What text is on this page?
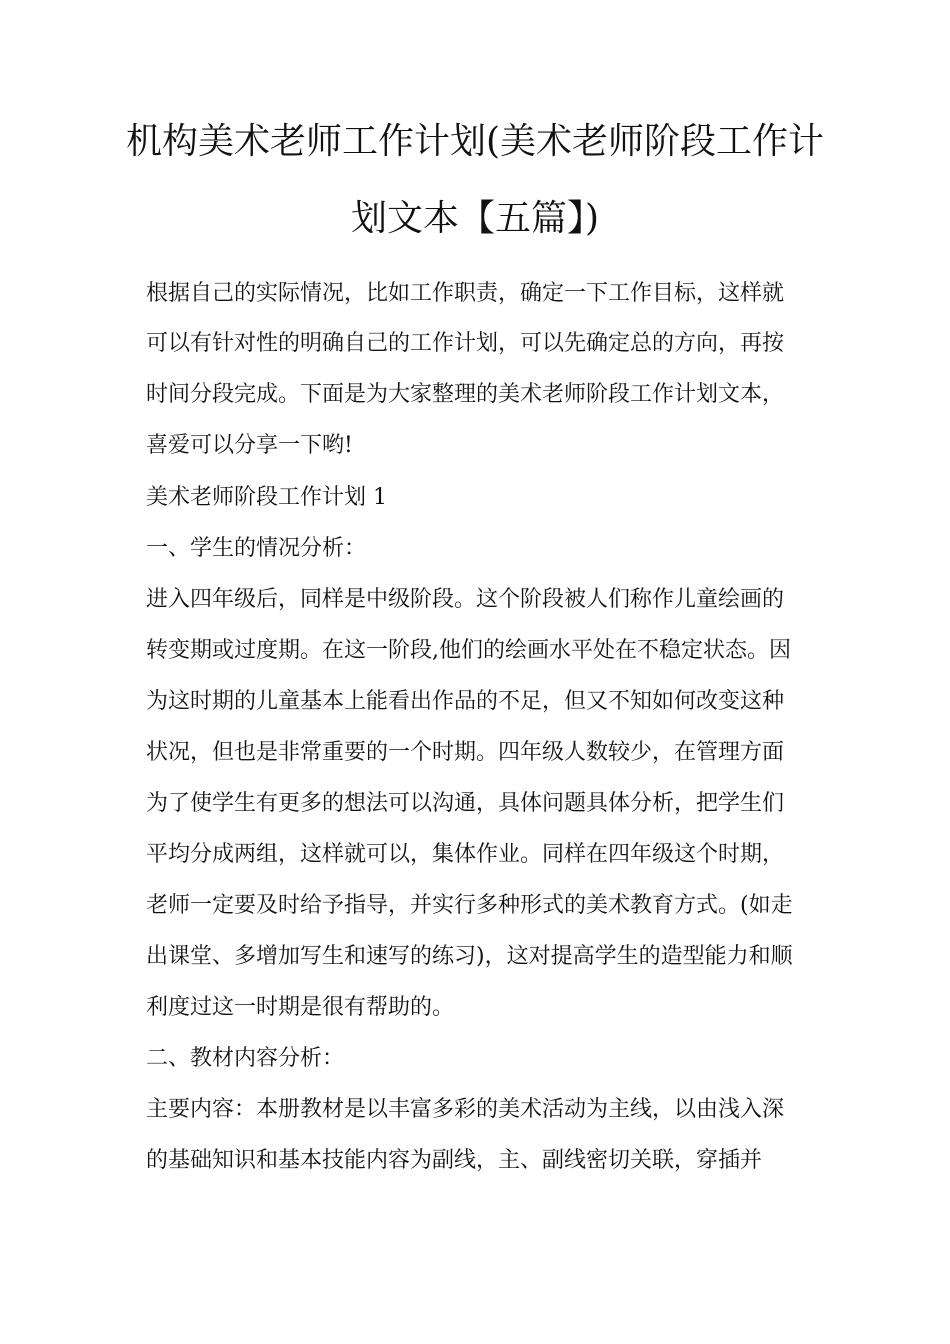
机构美术老师工作计划(美术老师阶段工作计
划文本【五篇】)
根据自己的实际情况，比如工作职责，确定一下工作目标，这样就
可以有针对性的明确自己的工作计划，可以先确定总的方向，再按
时间分段完成。下面是为大家整理的美术老师阶段工作计划文本，
喜爱可以分享一下哟!
美术老师阶段工作计划 1
一、学生的情况分析：
进入四年级后，同样是中级阶段。这个阶段被人们称作儿童绘画的
转变期或过度期。在这一阶段,他们的绘画水平处在不稳定状态。因
为这时期的儿童基本上能看出作品的不足，但又不知如何改变这种
状况，但也是非常重要的一个时期。四年级人数较少，在管理方面
为了使学生有更多的想法可以沟通，具体问题具体分析，把学生们
平均分成两组，这样就可以，集体作业。同样在四年级这个时期，
老师一定要及时给予指导，并实行多种形式的美术教育方式。(如走
出课堂、多增加写生和速写的练习)，这对提高学生的造型能力和顺
利度过这一时期是很有帮助的。
二、教材内容分析：
主要内容：本册教材是以丰富多彩的美术活动为主线，以由浅入深
的基础知识和基本技能内容为副线，主、副线密切关联，穿插并
